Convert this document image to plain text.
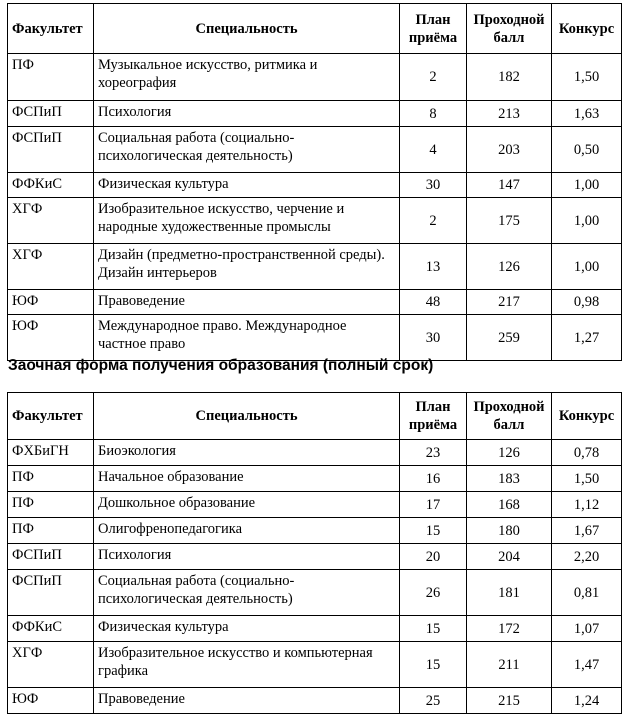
Факультет	Специальность	План приёма	Проходной балл	Конкурс
ПФ	Музыкальное искусство, ритмика и хореография	2	182	1,50
ФСПиП	Психология	8	213	1,63
ФСПиП	Социальная работа (социально-психологическая деятельность)	4	203	0,50
ФФКиС	Физическая культура	30	147	1,00
ХГФ	Изобразительное искусство, черчение и народные художественные промыслы	2	175	1,00
ХГФ	Дизайн (предметно-пространственной среды). Дизайн интерьеров	13	126	1,00
ЮФ	Правоведение	48	217	0,98
ЮФ	Международное право. Международное частное право	30	259	1,27
Заочная форма получения образования (полный срок)
Факультет	Специальность	План приёма	Проходной балл	Конкурс
ФХБиГН	Биоэкология	23	126	0,78
ПФ	Начальное образование	16	183	1,50
ПФ	Дошкольное образование	17	168	1,12
ПФ	Олигофренопедагогика	15	180	1,67
ФСПиП	Психология	20	204	2,20
ФСПиП	Социальная работа (социально-психологическая деятельность)	26	181	0,81
ФФКиС	Физическая культура	15	172	1,07
ХГФ	Изобразительное искусство и компьютерная графика	15	211	1,47
ЮФ	Правоведение	25	215	1,24
